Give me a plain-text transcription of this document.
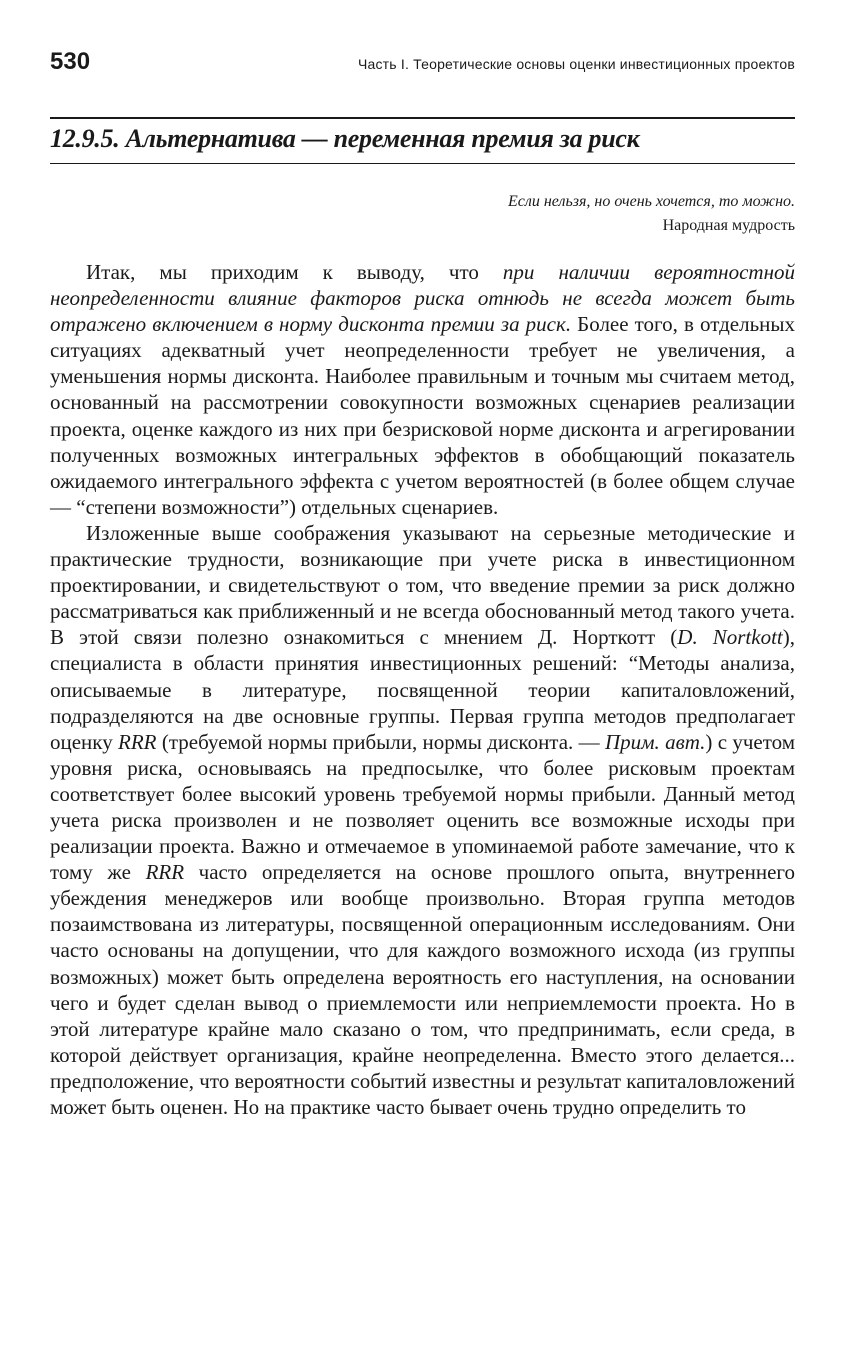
530	Часть I. Теоретические основы оценки инвестиционных проектов
12.9.5. Альтернатива — переменная премия за риск
Если нельзя, но очень хочется, то можно.
Народная мудрость

Итак, мы приходим к выводу, что при наличии вероятностной неопределенности влияние факторов риска отнюдь не всегда может быть отражено включением в норму дисконта премии за риск. Более того, в отдельных ситуациях адекватный учет неопределенности требует не увеличения, а уменьшения нормы дисконта. Наиболее правильным и точным мы считаем метод, основанный на рассмотрении совокупности возможных сценариев реализации проекта, оценке каждого из них при безрисковой норме дисконта и агрегировании полученных возможных интегральных эффектов в обобщающий показатель ожидаемого интегрального эффекта с учетом вероятностей (в более общем случае — “степени возможности”) отдельных сценариев.

Изложенные выше соображения указывают на серьезные методические и практические трудности, возникающие при учете риска в инвестиционном проектировании, и свидетельствуют о том, что введение премии за риск должно рассматриваться как приближенный и не всегда обоснованный метод такого учета. В этой связи полезно ознакомиться с мнением Д. Норткотт (D. Nortkott), специалиста в области принятия инвестиционных решений: “Методы анализа, описываемые в литературе, посвященной теории капиталовложений, подразделяются на две основные группы. Первая группа методов предполагает оценку RRR (требуемой нормы прибыли, нормы дисконта. — Прим. авт.) с учетом уровня риска, основываясь на предпосылке, что более рисковым проектам соответствует более высокий уровень требуемой нормы прибыли. Данный метод учета риска произволен и не позволяет оценить все возможные исходы при реализации проекта. Важно и отмечаемое в упоминаемой работе замечание, что к тому же RRR часто определяется на основе прошлого опыта, внутреннего убеждения менеджеров или вообще произвольно. Вторая группа методов позаимствована из литературы, посвященной операционным исследованиям. Они часто основаны на допущении, что для каждого возможного исхода (из группы возможных) может быть определена вероятность его наступления, на основании чего и будет сделан вывод о приемлемости или неприемлемости проекта. Но в этой литературе крайне мало сказано о том, что предпринимать, если среда, в которой действует организация, крайне неопределенна. Вместо этого делается... предположение, что вероятности событий известны и результат капиталовложений может быть оценен. Но на практике часто бывает очень трудно определить то
